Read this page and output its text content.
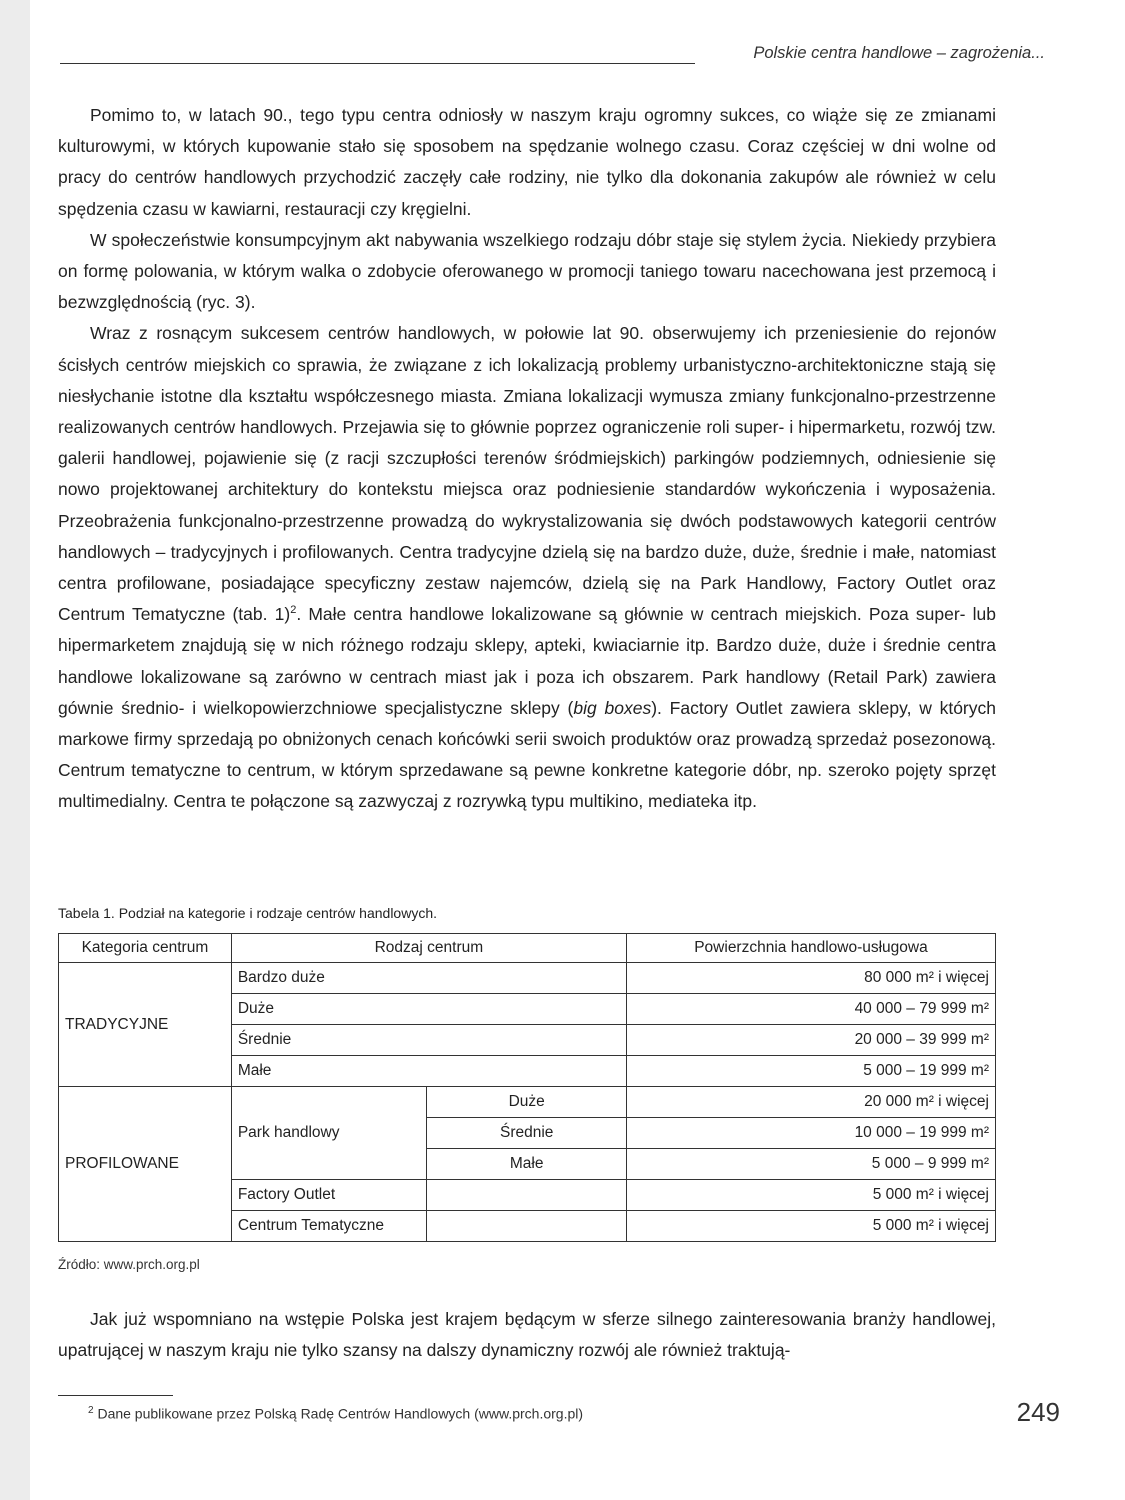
Polskie centra handlowe – zagrożenia...

Pomimo to, w latach 90., tego typu centra odniosły w naszym kraju ogromny sukces, co wiąże się ze zmianami kulturowymi, w których kupowanie stało się sposobem na spędzanie wolnego czasu. Coraz częściej w dni wolne od pracy do centrów handlowych przychodzić zaczęły całe rodziny, nie tylko dla dokonania zakupów ale również w celu spędzenia czasu w kawiarni, restauracji czy kręgielni.

W społeczeństwie konsumpcyjnym akt nabywania wszelkiego rodzaju dóbr staje się stylem życia. Niekiedy przybiera on formę polowania, w którym walka o zdobycie oferowanego w promocji taniego towaru nacechowana jest przemocą i bezwzględnością (ryc. 3).

Wraz z rosnącym sukcesem centrów handlowych, w połowie lat 90. obserwujemy ich przeniesienie do rejonów ścisłych centrów miejskich co sprawia, że związane z ich lokalizacją problemy urbanistyczno-architektoniczne stają się niesłychanie istotne dla kształtu współczesnego miasta. Zmiana lokalizacji wymusza zmiany funkcjonalno-przestrzenne realizowanych centrów handlowych. Przejawia się to głównie poprzez ograniczenie roli super- i hipermarketu, rozwój tzw. galerii handlowej, pojawienie się (z racji szczupłości terenów śródmiejskich) parkingów podziemnych, odniesienie się nowo projektowanej architektury do kontekstu miejsca oraz podniesienie standardów wykończenia i wyposażenia. Przeobrażenia funkcjonalno-przestrzenne prowadzą do wykrystalizowania się dwóch podstawowych kategorii centrów handlowych – tradycyjnych i profilowanych. Centra tradycyjne dzielą się na bardzo duże, duże, średnie i małe, natomiast centra profilowane, posiadające specyficzny zestaw najemców, dzielą się na Park Handlowy, Factory Outlet oraz Centrum Tematyczne (tab. 1)$^2$. Małe centra handlowe lokalizowane są głównie w centrach miejskich. Poza super- lub hipermarketem znajdują się w nich różnego rodzaju sklepy, apteki, kwiaciarnie itp. Bardzo duże, duże i średnie centra handlowe lokalizowane są zarówno w centrach miast jak i poza ich obszarem. Park handlowy (Retail Park) zawiera gównie średnio- i wielkopowierzchniowe specjalistyczne sklepy (big boxes). Factory Outlet zawiera sklepy, w których markowe firmy sprzedają po obniżonych cenach końcówki serii swoich produktów oraz prowadzą sprzedaż posezonową. Centrum tematyczne to centrum, w którym sprzedawane są pewne konkretne kategorie dóbr, np. szeroko pojęty sprzęt multimedialny. Centra te połączone są zazwyczaj z rozrywką typu multikino, mediateka itp.

Tabela 1. Podział na kategorie i rodzaje centrów handlowych.
Kategoria centrum	Rodzaj centrum		Powierzchnia handlowo-usługowa
TRADYCYJNE	Bardzo duże		80 000 m² i więcej
	Duże		40 000 – 79 999 m²
	Średnie		20 000 – 39 999 m²
	Małe		5 000 – 19 999 m²
PROFILOWANE	Park handlowy	Duże	20 000 m² i więcej
		Średnie	10 000 – 19 999 m²
		Małe	5 000 – 9 999 m²
	Factory Outlet		5 000 m² i więcej
	Centrum Tematyczne		5 000 m² i więcej
Źródło: www.prch.org.pl

Jak już wspomniano na wstępie Polska jest krajem będącym w sferze silnego zainteresowania branży handlowej, upatrującej w naszym kraju nie tylko szansy na dalszy dynamiczny rozwój ale również traktują-

$^2$ Dane publikowane przez Polską Radę Centrów Handlowych (www.prch.org.pl)	249
